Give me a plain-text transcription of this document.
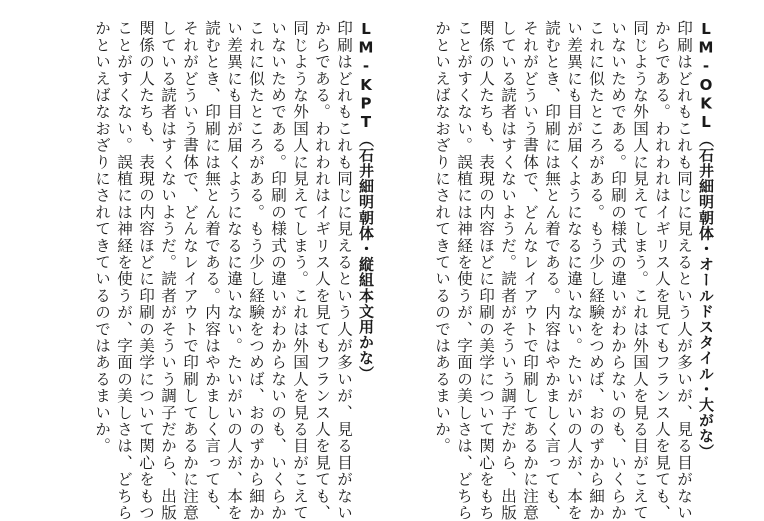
LM-OKL（石井細明朝体・オールドスタイル・大がな）
印刷はどれもこれも同じに見えるという人が多いが、見る目がない
からである。われわれはイギリス人を見てもフランス人を見ても、
同じような外国人に見えてしまう。これは外国人を見る目がこえて
いないためである。印刷の様式の違いがわからないのも、いくらか
これに似たところがある。もう少し経験をつめば、おのずから細か
い差異にも目が届くようになるに違いない。たいがいの人が、本を
読むとき、印刷には無とん着である。内容はやかましく言っても、
それがどういう書体で、どんなレイアウトで印刷してあるかに注意
している読者はすくないようだ。読者がそういう調子だから、出版
関係の人たちも、表現の内容ほどに印刷の美学について関心をもち
ことがすくない。誤植には神経を使うが、字面の美しさは、どちら
かといえばなおざりにされてきているのではあるまいか。
LM-KPT（石井細明朝体・縦組本文用かな）
印刷はどれもこれも同じに見えるという人が多いが、見る目がない
からである。われわれはイギリス人を見てもフランス人を見ても、
同じような外国人に見えてしまう。これは外国人を見る目がこえて
いないためである。印刷の様式の違いがわからないのも、いくらか
これに似たところがある。もう少し経験をつめば、おのずから細か
い差異にも目が届くようになるに違いない。たいがいの人が、本を
読むとき、印刷には無とん着である。内容はやかましく言っても、
それがどういう書体で、どんなレイアウトで印刷してあるかに注意
している読者はすくないようだ。読者がそういう調子だから、出版
関係の人たちも、表現の内容ほどに印刷の美学について関心をもつ
ことがすくない。誤植には神経を使うが、字面の美しさは、どちら
かといえばなおざりにされてきているのではあるまいか。
